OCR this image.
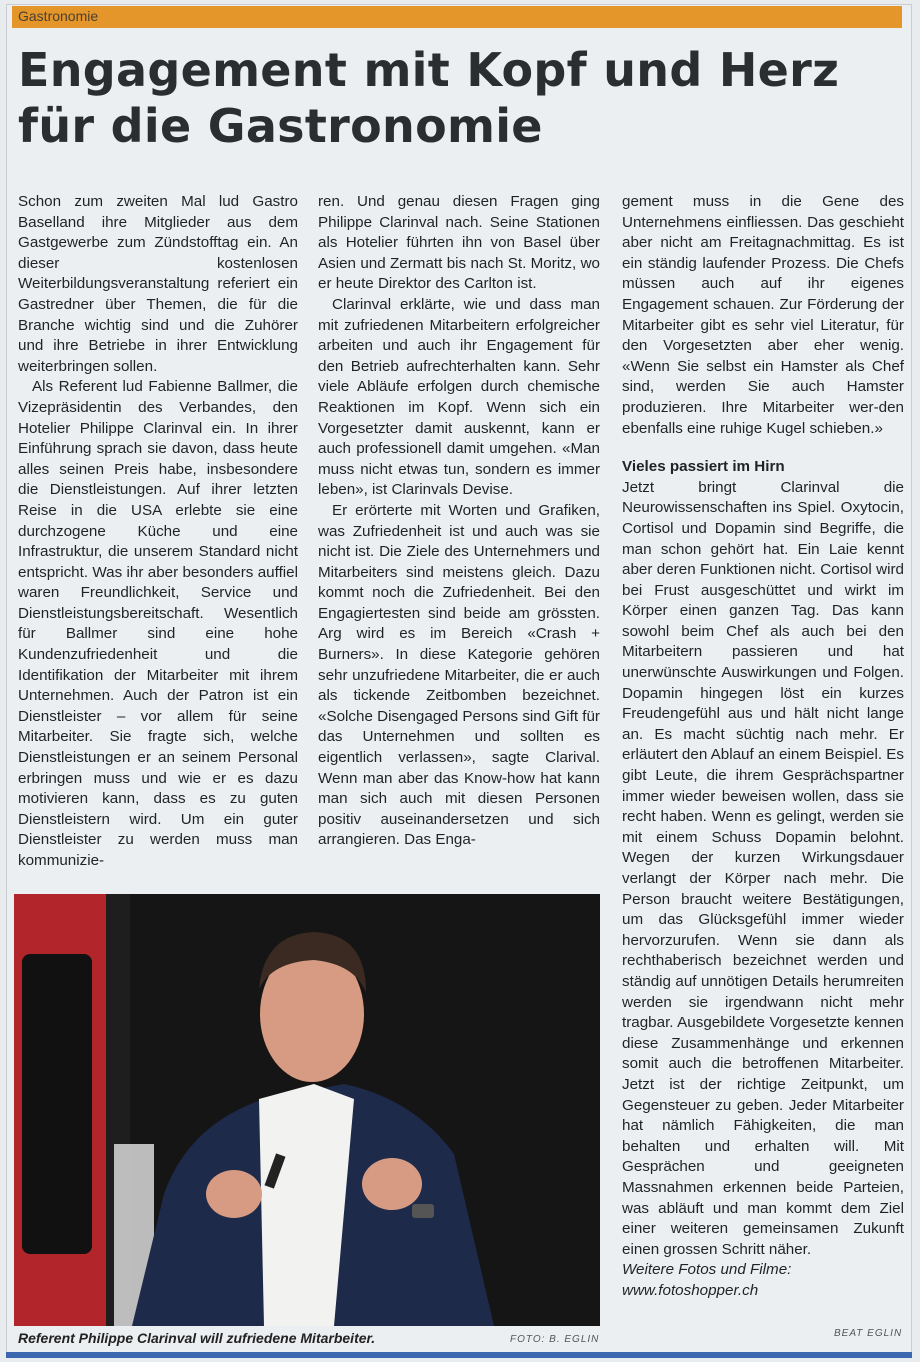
Gastronomie
Engagement mit Kopf und Herz
für die Gastronomie

Schon zum zweiten Mal lud Gastro Baselland ihre Mitglieder aus dem Gastgewerbe zum Zündstofftag ein. An dieser kostenlosen Weiterbildungsveranstaltung referiert ein Gastredner über Themen, die für die Branche wichtig sind und die Zuhörer und ihre Betriebe in ihrer Entwicklung weiterbringen sollen.

Als Referent lud Fabienne Ballmer, die Vizepräsidentin des Verbandes, den Hotelier Philippe Clarinval ein. In ihrer Einführung sprach sie davon, dass heute alles seinen Preis habe, insbesondere die Dienstleistungen. Auf ihrer letzten Reise in die USA erlebte sie eine durchzogene Küche und eine Infrastruktur, die unserem Standard nicht entspricht. Was ihr aber besonders auffiel waren Freundlichkeit, Service und Dienstleistungsbereitschaft. Wesentlich für Ballmer sind eine hohe Kundenzufriedenheit und die Identifikation der Mitarbeiter mit ihrem Unternehmen. Auch der Patron ist ein Dienstleister – vor allem für seine Mitarbeiter. Sie fragte sich, welche Dienstleistungen er an seinem Personal erbringen muss und wie er es dazu motivieren kann, dass es zu guten Dienstleistern wird. Um ein guter Dienstleister zu werden muss man kommunizie-

ren. Und genau diesen Fragen ging Philippe Clarinval nach. Seine Stationen als Hotelier führten ihn von Basel über Asien und Zermatt bis nach St. Moritz, wo er heute Direktor des Carlton ist.

Clarinval erklärte, wie und dass man mit zufriedenen Mitarbeitern erfolgreicher arbeiten und auch ihr Engagement für den Betrieb aufrechterhalten kann. Sehr viele Abläufe erfolgen durch chemische Reaktionen im Kopf. Wenn sich ein Vorgesetzter damit auskennt, kann er auch professionell damit umgehen. «Man muss nicht etwas tun, sondern es immer leben», ist Clarinvals Devise.

Er erörterte mit Worten und Grafiken, was Zufriedenheit ist und auch was sie nicht ist. Die Ziele des Unternehmers und Mitarbeiters sind meistens gleich. Dazu kommt noch die Zufriedenheit. Bei den Engagiertesten sind beide am grössten. Arg wird es im Bereich «Crash + Burners». In diese Kategorie gehören sehr unzufriedene Mitarbeiter, die er auch als tickende Zeitbomben bezeichnet. «Solche Disengaged Persons sind Gift für das Unternehmen und sollten es eigentlich verlassen», sagte Clarival. Wenn man aber das Know-how hat kann man sich auch mit diesen Personen positiv auseinandersetzen und sich arrangieren. Das Enga-

gement muss in die Gene des Unternehmens einfliessen. Das geschieht aber nicht am Freitagnachmittag. Es ist ein ständig laufender Prozess. Die Chefs müssen auch auf ihr eigenes Engagement schauen. Zur Förderung der Mitarbeiter gibt es sehr viel Literatur, für den Vorgesetzten aber eher wenig. «Wenn Sie selbst ein Hamster als Chef sind, werden Sie auch Hamster produzieren. Ihre Mitarbeiter wer-den ebenfalls eine ruhige Kugel schieben.»

Vieles passiert im Hirn

Jetzt bringt Clarinval die Neurowissenschaften ins Spiel. Oxytocin, Cortisol und Dopamin sind Begriffe, die man schon gehört hat. Ein Laie kennt aber deren Funktionen nicht. Cortisol wird bei Frust ausgeschüttet und wirkt im Körper einen ganzen Tag. Das kann sowohl beim Chef als auch bei den Mitarbeitern passieren und hat unerwünschte Auswirkungen und Folgen. Dopamin hingegen löst ein kurzes Freudengefühl aus und hält nicht lange an. Es macht süchtig nach mehr. Er erläutert den Ablauf an einem Beispiel. Es gibt Leute, die ihrem Gesprächspartner immer wieder beweisen wollen, dass sie recht haben. Wenn es gelingt, werden sie mit einem Schuss Dopamin belohnt. Wegen der kurzen Wirkungsdauer verlangt der Körper nach mehr. Die Person braucht weitere Bestätigungen, um das Glücksgefühl immer wieder hervorzurufen. Wenn sie dann als rechthaberisch bezeichnet werden und ständig auf unnötigen Details herumreiten werden sie irgendwann nicht mehr tragbar. Ausgebildete Vorgesetzte kennen diese Zusammenhänge und erkennen somit auch die betroffenen Mitarbeiter. Jetzt ist der richtige Zeitpunkt, um Gegensteuer zu geben. Jeder Mitarbeiter hat nämlich Fähigkeiten, die man behalten und erhalten will. Mit Gesprächen und geeigneten Massnahmen erkennen beide Parteien, was abläuft und man kommt dem Ziel einer weiteren gemeinsamen Zukunft einen grossen Schritt näher.

Weitere Fotos und Filme: www.fotoshopper.ch

Referent Philippe Clarinval will zufriedene Mitarbeiter.	FOTO: B. EGLIN
BEAT EGLIN
